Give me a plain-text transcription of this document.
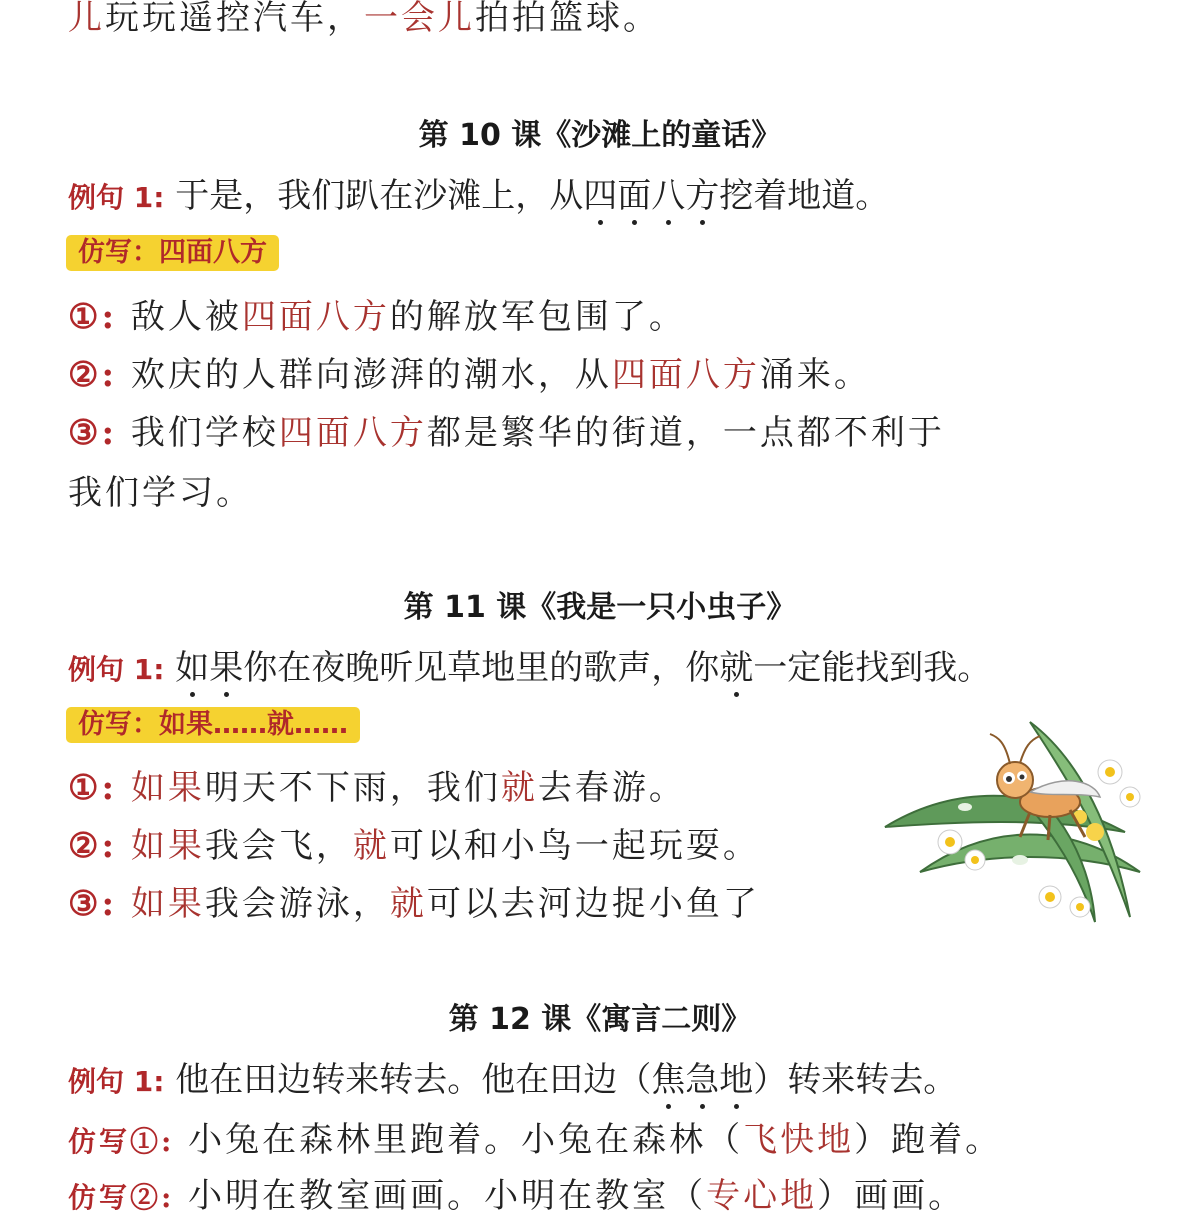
儿玩玩遥控汽车，一会儿拍拍篮球。
第 10 课《沙滩上的童话》
例句 1: 于是，我们趴在沙滩上，从四面八方挖着地道。
仿写：四面八方
①: 敌人被四面八方的解放军包围了。
②: 欢庆的人群向澎湃的潮水，从四面八方涌来。
③: 我们学校四面八方都是繁华的街道，一点都不利于
我们学习。
第 11 课《我是一只小虫子》
例句 1: 如果你在夜晚听见草地里的歌声，你就一定能找到我。
仿写：如果……就……
①: 如果明天不下雨，我们就去春游。
②: 如果我会飞，就可以和小鸟一起玩耍。
③: 如果我会游泳，就可以去河边捉小鱼了
第 12 课《寓言二则》
例句 1: 他在田边转来转去。他在田边（焦急地）转来转去。
仿写①: 小兔在森林里跑着。小兔在森林（飞快地）跑着。
仿写②: 小明在教室画画。小明在教室（专心地）画画。
